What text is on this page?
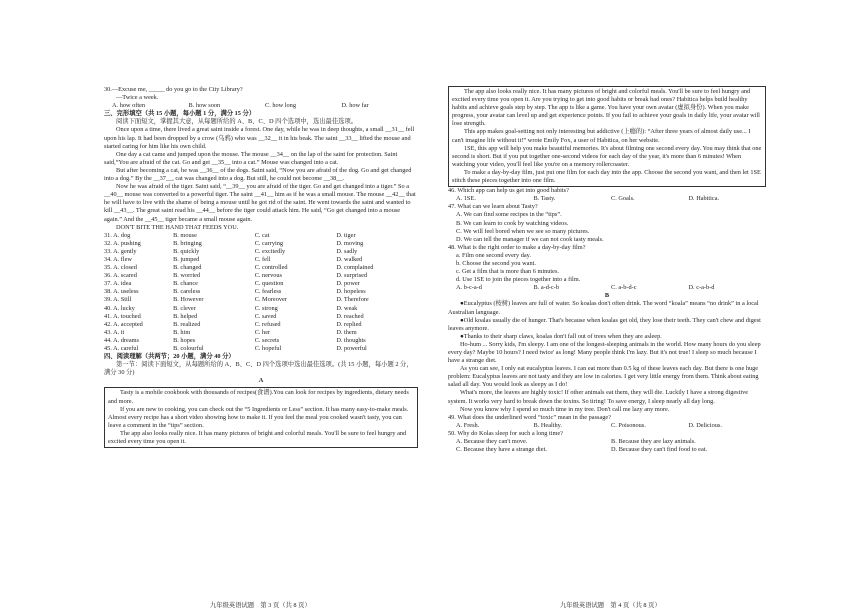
30.—Excuse me, _____ do you go to the City Library?

—Twice a week.

A. how often	B. how soon	C. how long	D. how far

三、完形填空（共 15 小题，每小题 1 分，满分 15 分）

阅读下面短文，掌握其大意，从每题所给的 A、B、C、D 四个选项中，选出最佳选项。

Once upon a time, there lived a great saint inside a forest. One day, while he was in deep thoughts, a small __31__ fell upon his lap. It had been dropped by a crow (乌鸦) who was __32__ it in his beak. The saint __33__ lifted the mouse and started caring for him like his own child.

One day a cat came and jumped upon the mouse. The mouse __34__ on the lap of the saint for protection. Saint said,“You are afraid of the cat. Go and get __35__ into a cat.” Mouse was changed into a cat.

But after becoming a cat, he was __36__ of the dogs. Saint said, “Now you are afraid of the dog. Go and get changed into a dog.” By the __37__, cat was changed into a dog. But still, he could not become __38__.

Now he was afraid of the tiger. Saint said, “__39__ you are afraid of the tiger. Go and get changed into a tiger.” So a __40__ mouse was converted to a powerful tiger. The saint __41__ him as if he was a small mouse. The mouse __42__ that he will have to live with the shame of being a mouse until he got rid of the saint. He went towards the saint and wanted to kill __43__. The great saint read his __44__ before the tiger could attack him. He said, “Go get changed into a mouse again.” And the __45__ tiger became a small mouse again.

DON'T BITE THE HAND THAT FEEDS YOU.

31. A. dog	B. mouse	C. cat	D. tiger
32. A. pushing	B. bringing	C. carrying	D. moving
33. A. gently	B. quickly	C. excitedly	D. sadly
34. A. flew	B. jumped	C. fell	D. walked
35. A. closed	B. changed	C. controlled	D. complained
36. A. scared	B. worried	C. nervous	D. surprised
37. A. idea	B. chance	C. question	D. power
38. A. useless	B. careless	C. fearless	D. hopeless
39. A. Still	B. However	C. Moreover	D. Therefore
40. A. lucky	B. clever	C. strong	D. weak
41. A. touched	B. helped	C. saved	D. reached
42. A. accepted	B. realized	C. refused	D. replied
43. A. it	B. him	C. her	D. them
44. A. dreams	B. hopes	C. secrets	D. thoughts
45. A. careful	B. colourful	C. hopeful	D. powerful

四、阅读理解（共两节；20 小题，满分 40 分）

第一节：阅读下面短文，从每题所给的 A、B、C、D 四个选项中选出最佳选项。(共 15 小题，每小题 2 分，满分 30 分)

A

Tasty is a mobile cookbook with thousands of recipes(食谱).You can look for recipes by ingredients, dietary needs and more.

If you are new to cooking, you can check out the “5 Ingredients or Less” section. It has many easy-to-make meals. Almost every recipe has a short video showing how to make it. If you feel the meal you cooked wasn't tasty, you can leave a comment in the “tips” section.

The app also looks really nice. It has many pictures of bright and colorful meals. You'll be sure to feel hungry and excited every time you open it.

九年级英语试题　第 3 页（共 8 页）

The app also looks really nice. It has many pictures of bright and colorful meals. You'll be sure to feel hungry and excited every time you open it. Are you trying to get into good habits or break bad ones? Habitica helps build healthy habits and achieve goals step by step. The app is like a game. You have your own avatar (虚拟身份). When you make progress, your avatar can level up and get experience points. If you fail to achieve your goals in daily life, your avatar will lose strength.

This app makes goal-setting not only interesting but addictive (上瘾的): “After three years of almost daily use... I can't imagine life without it!” wrote Emily Fox, a user of Habitica, on her website.

1SE, this app will help you make beautiful memories. It's about filming one second every day. You may think that one second is short. But if you put together one-second videos for each day of the year, it's more than 6 minutes! When watching your video, you'll feel like you're on a memory rollercoaster.

To make a day-by-day film, just put one film for each day into the app. Choose the second you want, and then let 1SE stitch these pieces together into one film.

46. Which app can help us get into good habits?

A. 1SE.	B. Tasty.	C. Goals.	D. Habitica.

47. What can we learn about Tasty?

A. We can find some recipes in the “tips”.

B. We can learn to cook by watching videos.

C. We will feel bored when we see so many pictures.

D. We can tell the manager if we can not cook tasty meals.

48. What is the right order to make a day-by-day film?

a. Film one second every day.

b. Choose the second you want.

c. Get a film that is more than 6 minutes.

d. Use 1SE to join the pieces together into a film.

A. b-c-a-d	B. a-d-c-b	C. a-b-d-c	D. c-a-b-d

B

●Eucalyptus (桉树) leaves are full of water. So koalas don't often drink. The word “koala” means “no drink” in a local Australian language.

●Old koalas usually die of hunger. That's because when koalas get old, they lose their teeth. They can't chew and digest leaves anymore.

●Thanks to their sharp claws, koalas don't fall out of trees when they are asleep.

Ho-hum ... Sorry kids, I'm sleepy. I am one of the longest-sleeping animals in the world. How many hours do you sleep every day? Maybe 10 hours? I need twice' as long! Many people think I'm lazy. But it's not true! I sleep so much because I have a strange diet.

As you can see, I only eat eucalyptus leaves. I can eat more than 0.5 kg of these leaves each day. But there is one huge problem: Eucalyptus leaves are not tasty and they are low in calories. I get very little energy from them. Think about eating salad all day. You would look as sleepy as I do!

What's more, the leaves are highly toxic! If other animals eat them, they will die. Luckily I have a strong digestive system. It works very hard to break down the toxins. So tiring! To save energy, I sleep nearly all day long.

Now you know why I spend so much time in my tree. Don't call me lazy any more.

49. What does the underlined word “toxic” mean in the passage?

A. Fresh.	B. Healthy.	C. Poisonous.	D. Delicious.

50. Why do Kolas sleep for such a long time?

A. Because they can't move.	B. Because they are lazy animals.
C. Because they have a strange diet.	D. Because they can't find food to eat.
九年级英语试题　第 4 页（共 8 页）
